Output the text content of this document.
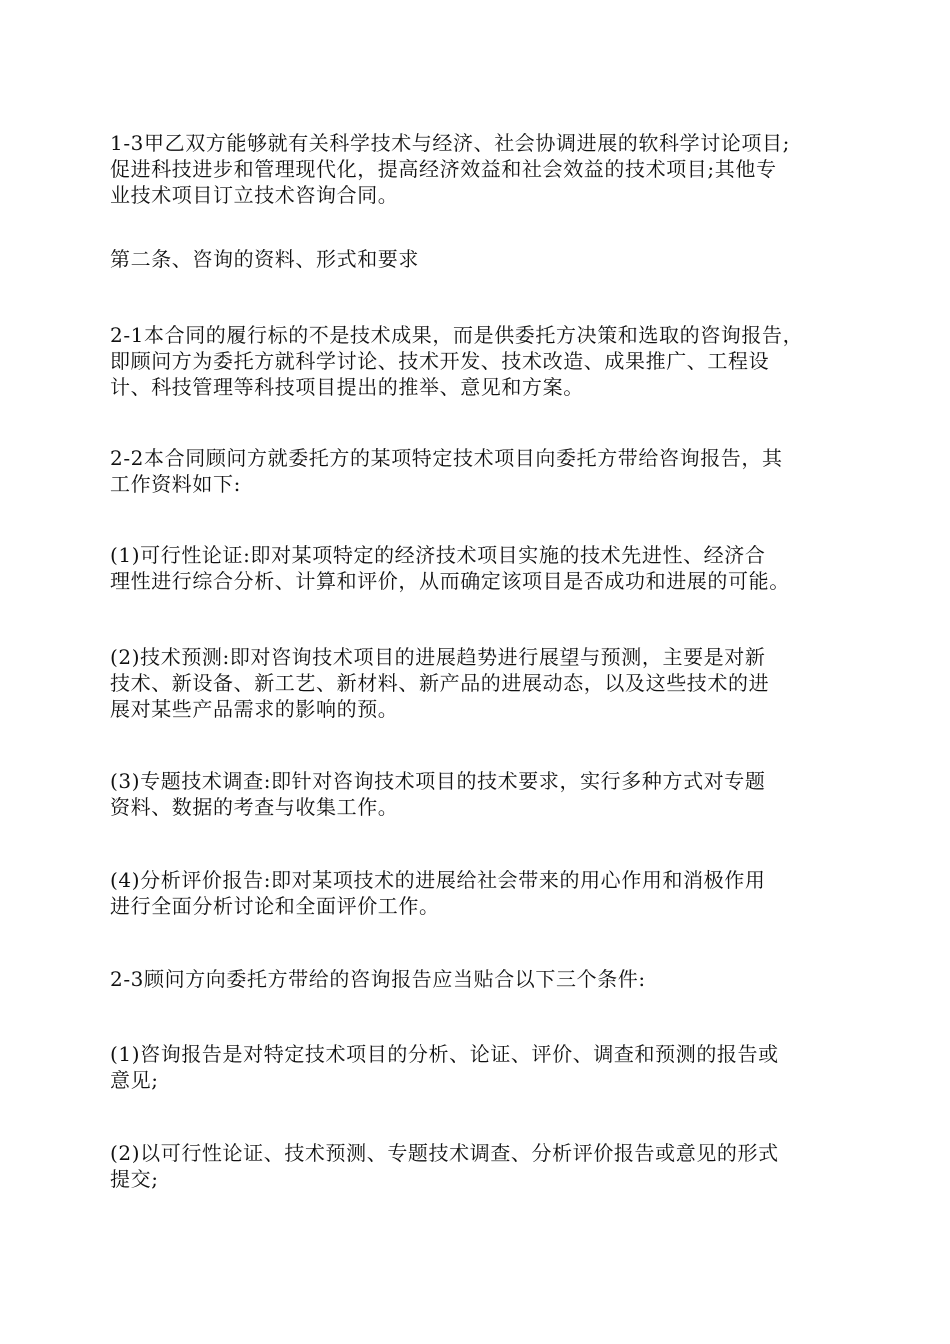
1-3甲乙双方能够就有关科学技术与经济、社会协调进展的软科学讨论项目;
促进科技进步和管理现代化，提高经济效益和社会效益的技术项目;其他专
业技术项目订立技术咨询合同。

第二条、咨询的资料、形式和要求

2-1本合同的履行标的不是技术成果，而是供委托方决策和选取的咨询报告，
即顾问方为委托方就科学讨论、技术开发、技术改造、成果推广、工程设
计、科技管理等科技项目提出的推举、意见和方案。

2-2本合同顾问方就委托方的某项特定技术项目向委托方带给咨询报告，其
工作资料如下:

(1)可行性论证:即对某项特定的经济技术项目实施的技术先进性、经济合
理性进行综合分析、计算和评价，从而确定该项目是否成功和进展的可能。

(2)技术预测:即对咨询技术项目的进展趋势进行展望与预测，主要是对新
技术、新设备、新工艺、新材料、新产品的进展动态，以及这些技术的进
展对某些产品需求的影响的预。

(3)专题技术调查:即针对咨询技术项目的技术要求，实行多种方式对专题
资料、数据的考查与收集工作。

(4)分析评价报告:即对某项技术的进展给社会带来的用心作用和消极作用
进行全面分析讨论和全面评价工作。

2-3顾问方向委托方带给的咨询报告应当贴合以下三个条件:

(1)咨询报告是对特定技术项目的分析、论证、评价、调查和预测的报告或
意见;

(2)以可行性论证、技术预测、专题技术调查、分析评价报告或意见的形式
提交;
